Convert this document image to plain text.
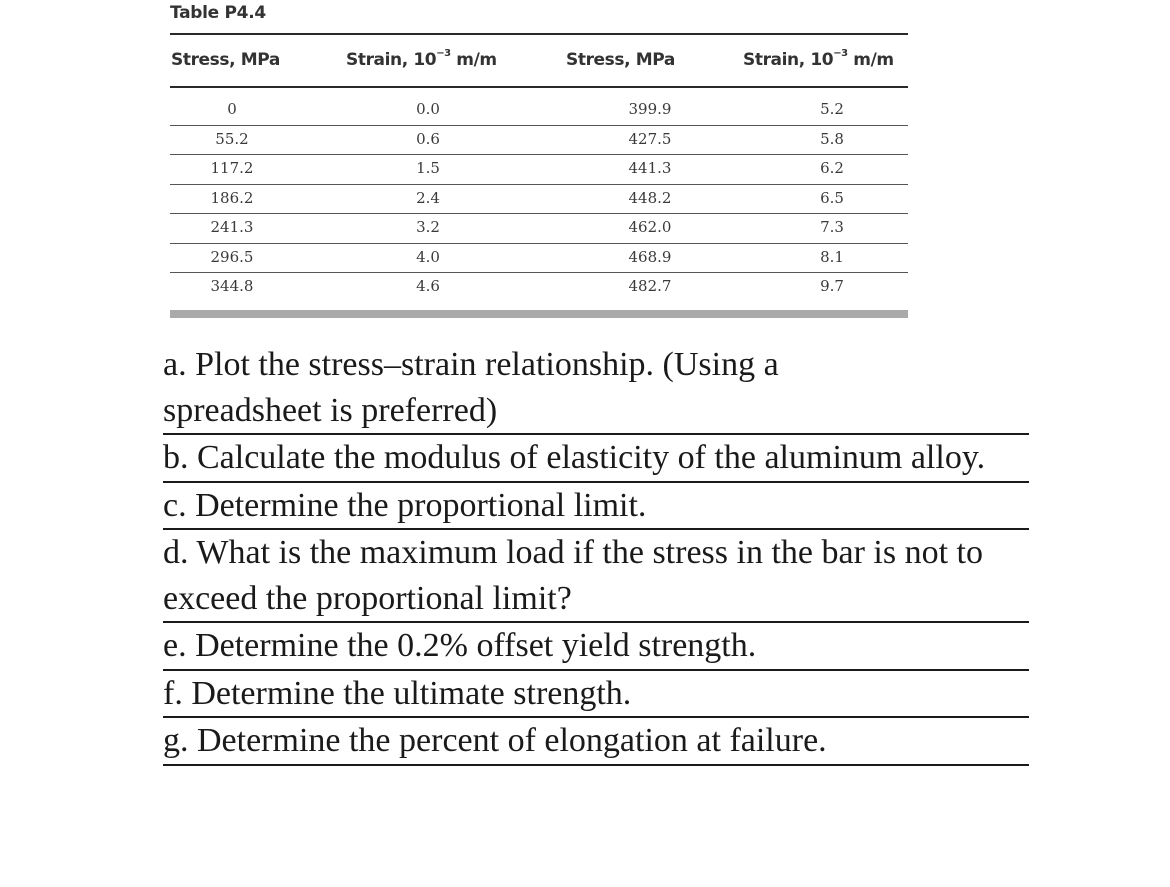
Table P4.4
Stress, MPa	Strain, $10^{-3}$ m/m	Stress, MPa	Strain, $10^{-3}$ m/m
0	0.0	399.9	5.2
55.2	0.6	427.5	5.8
117.2	1.5	441.3	6.2
186.2	2.4	448.2	6.5
241.3	3.2	462.0	7.3
296.5	4.0	468.9	8.1
344.8	4.6	482.7	9.7
a. Plot the stress–strain relationship. (Using a spreadsheet is preferred)
b. Calculate the modulus of elasticity of the aluminum alloy.
c. Determine the proportional limit.
d. What is the maximum load if the stress in the bar is not to exceed the proportional limit?
e. Determine the 0.2% offset yield strength.
f. Determine the ultimate strength.
g. Determine the percent of elongation at failure.
